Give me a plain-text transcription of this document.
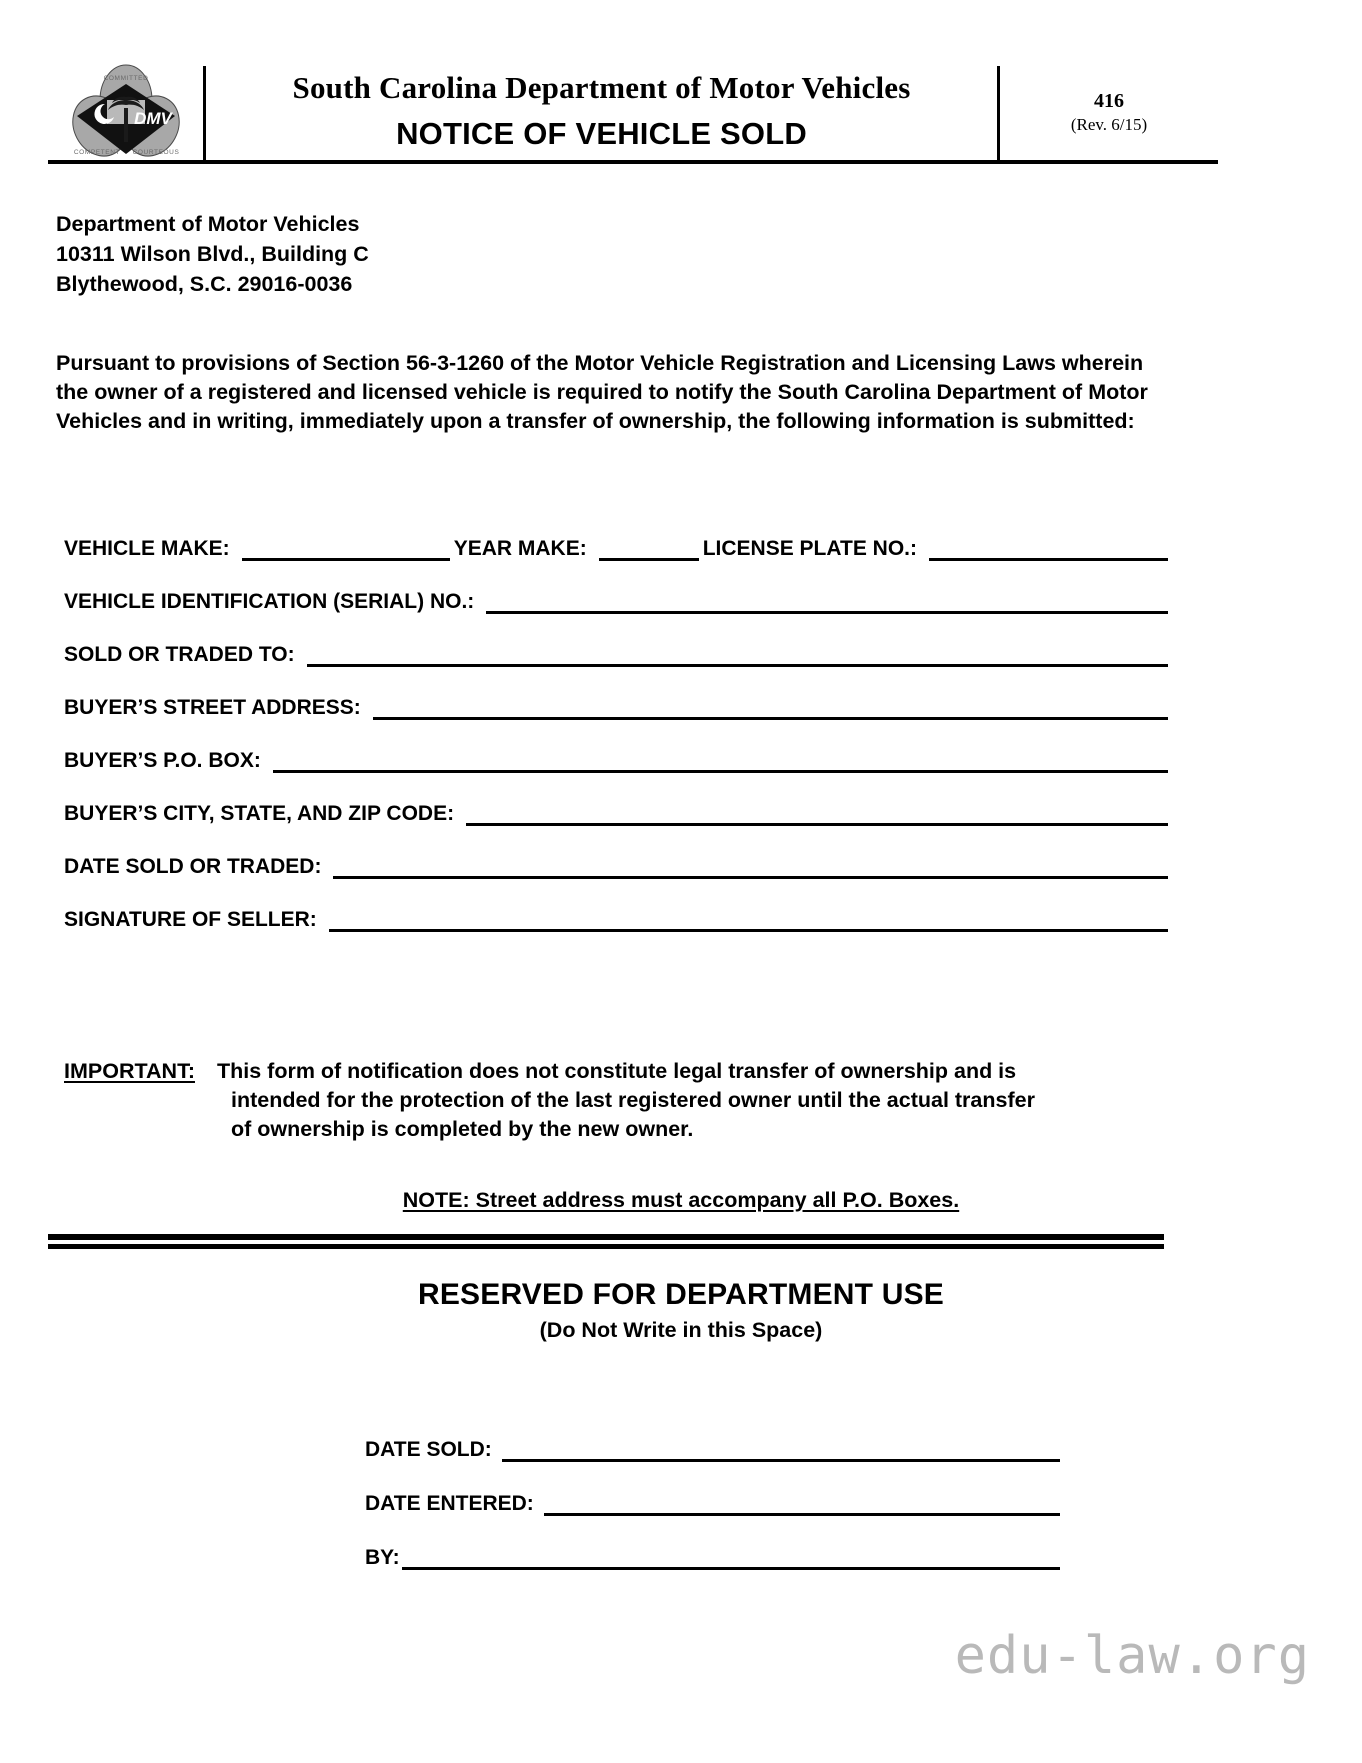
DMV
COMMITTED
COMPETENT COURTEOUS
South Carolina Department of Motor Vehicles
NOTICE OF VEHICLE SOLD
416
(Rev. 6/15)
Department of Motor Vehicles
10311 Wilson Blvd., Building C
Blythewood, S.C. 29016-0036
Pursuant to provisions of Section 56-3-1260 of the Motor Vehicle Registration and Licensing Laws wherein the owner of a registered and licensed vehicle is required to notify the South Carolina Department of Motor Vehicles and in writing, immediately upon a transfer of ownership, the following information is submitted:
VEHICLE MAKE:	YEAR MAKE:	LICENSE PLATE NO.:
VEHICLE IDENTIFICATION (SERIAL) NO.:
SOLD OR TRADED TO:
BUYER’S STREET ADDRESS:
BUYER’S P.O. BOX:
BUYER’S CITY, STATE, AND ZIP CODE:
DATE SOLD OR TRADED:
SIGNATURE OF SELLER:
IMPORTANT: This form of notification does not constitute legal transfer of ownership and is
intended for the protection of the last registered owner until the actual transfer
of ownership is completed by the new owner.
NOTE: Street address must accompany all P.O. Boxes.
RESERVED FOR DEPARTMENT USE
(Do Not Write in this Space)
DATE SOLD:
DATE ENTERED:
BY:
edu-law.org
